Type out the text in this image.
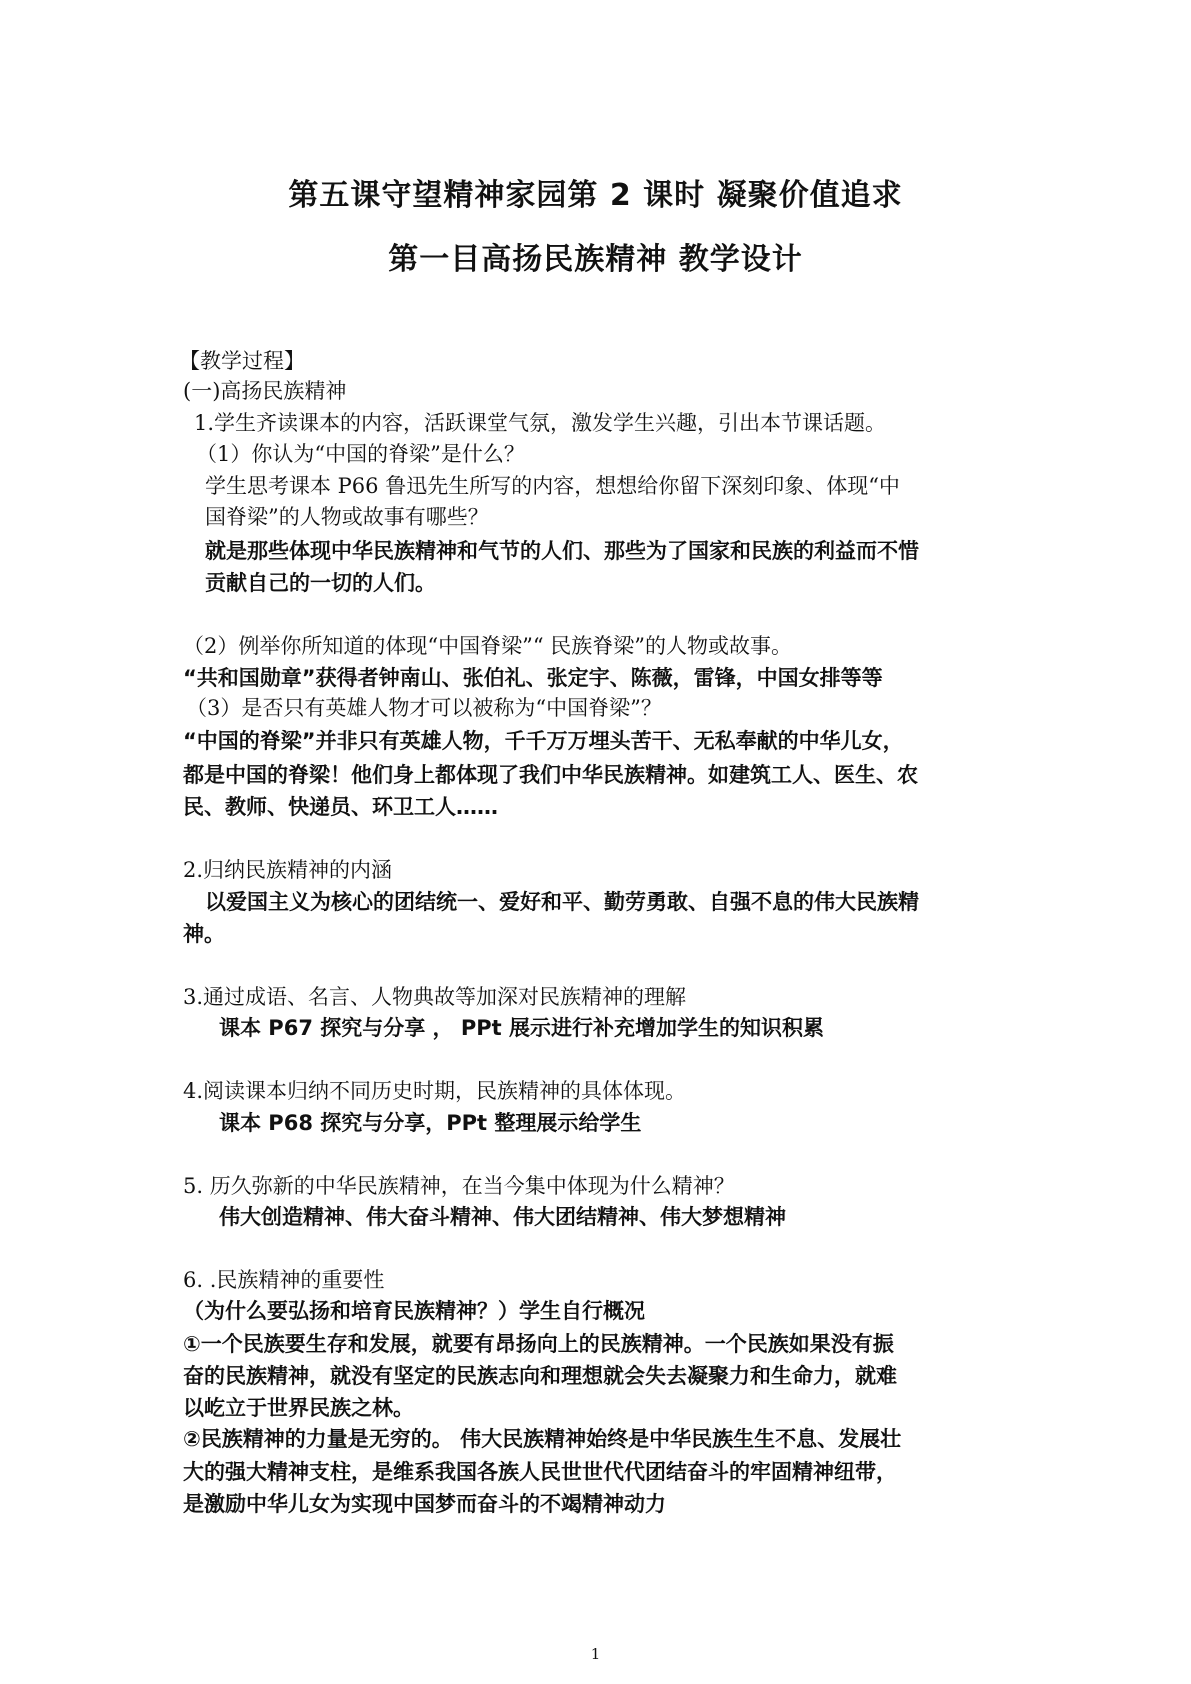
第五课守望精神家园第 2 课时 凝聚价值追求
第一目高扬民族精神 教学设计
【教学过程】
(一)高扬民族精神
1.学生齐读课本的内容，活跃课堂气氛，激发学生兴趣，引出本节课话题。
（1）你认为“中国的脊梁”是什么？
学生思考课本 P66 鲁迅先生所写的内容，想想给你留下深刻印象、体现“中
国脊梁”的人物或故事有哪些？
就是那些体现中华民族精神和气节的人们、那些为了国家和民族的利益而不惜
贡献自己的一切的人们。
（2）例举你所知道的体现“中国脊梁”“ 民族脊梁”的人物或故事。
“共和国勋章”获得者钟南山、张伯礼、张定宇、陈薇，雷锋，中国女排等等
（3）是否只有英雄人物才可以被称为“中国脊梁”？
“中国的脊梁”并非只有英雄人物，千千万万埋头苦干、无私奉献的中华儿女，
都是中国的脊梁！他们身上都体现了我们中华民族精神。如建筑工人、医生、农
民、教师、快递员、环卫工人……
2.归纳民族精神的内涵
以爱国主义为核心的团结统一、爱好和平、勤劳勇敢、自强不息的伟大民族精
神。
3.通过成语、名言、人物典故等加深对民族精神的理解
课本 P67 探究与分享 ， PPt 展示进行补充增加学生的知识积累
4.阅读课本归纳不同历史时期，民族精神的具体体现。
课本 P68 探究与分享，PPt 整理展示给学生
5. 历久弥新的中华民族精神，在当今集中体现为什么精神？
伟大创造精神、伟大奋斗精神、伟大团结精神、伟大梦想精神
6. .民族精神的重要性
（为什么要弘扬和培育民族精神？）学生自行概况
①一个民族要生存和发展，就要有昂扬向上的民族精神。一个民族如果没有振
奋的民族精神，就没有坚定的民族志向和理想就会失去凝聚力和生命力，就难
以屹立于世界民族之林。
②民族精神的力量是无穷的。 伟大民族精神始终是中华民族生生不息、发展壮
大的强大精神支柱，是维系我国各族人民世世代代团结奋斗的牢固精神纽带，
是激励中华儿女为实现中国梦而奋斗的不竭精神动力
1
